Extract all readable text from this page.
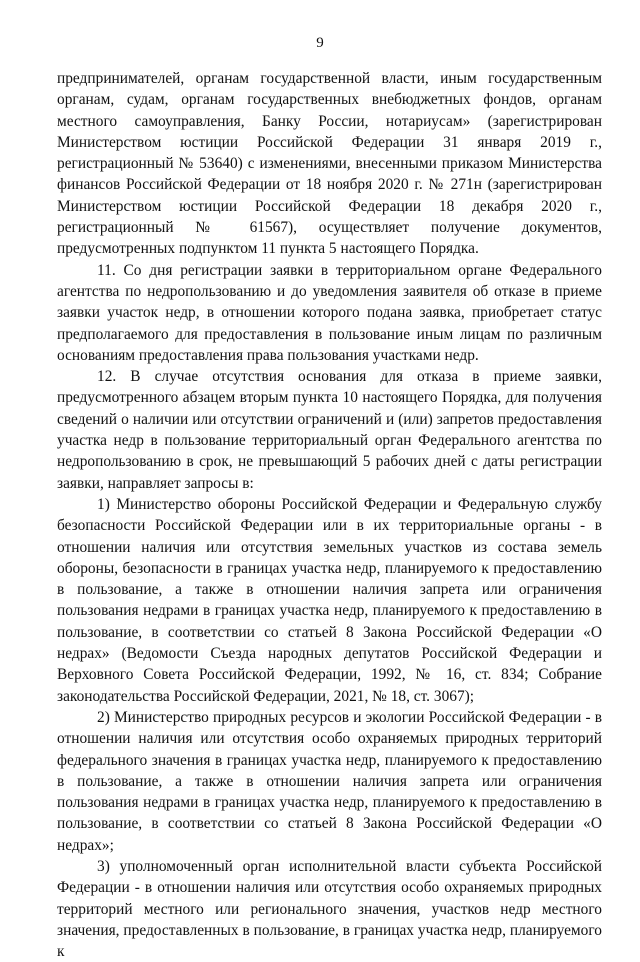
9

предпринимателей, органам государственной власти, иным государственным органам, судам, органам государственных внебюджетных фондов, органам местного самоуправления, Банку России, нотариусам» (зарегистрирован Министерством юстиции Российской Федерации 31 января 2019 г., регистрационный № 53640) с изменениями, внесенными приказом Министерства финансов Российской Федерации от 18 ноября 2020 г. № 271н (зарегистрирован Министерством юстиции Российской Федерации 18 декабря 2020 г., регистрационный № 61567), осуществляет получение документов, предусмотренных подпунктом 11 пункта 5 настоящего Порядка.

11. Со дня регистрации заявки в территориальном органе Федерального агентства по недропользованию и до уведомления заявителя об отказе в приеме заявки участок недр, в отношении которого подана заявка, приобретает статус предполагаемого для предоставления в пользование иным лицам по различным основаниям предоставления права пользования участками недр.

12. В случае отсутствия основания для отказа в приеме заявки, предусмотренного абзацем вторым пункта 10 настоящего Порядка, для получения сведений о наличии или отсутствии ограничений и (или) запретов предоставления участка недр в пользование территориальный орган Федерального агентства по недропользованию в срок, не превышающий 5 рабочих дней с даты регистрации заявки, направляет запросы в:

1) Министерство обороны Российской Федерации и Федеральную службу безопасности Российской Федерации или в их территориальные органы - в отношении наличия или отсутствия земельных участков из состава земель обороны, безопасности в границах участка недр, планируемого к предоставлению в пользование, а также в отношении наличия запрета или ограничения пользования недрами в границах участка недр, планируемого к предоставлению в пользование, в соответствии со статьей 8 Закона Российской Федерации «О недрах» (Ведомости Съезда народных депутатов Российской Федерации и Верховного Совета Российской Федерации, 1992, № 16, ст. 834; Собрание законодательства Российской Федерации, 2021, № 18, ст. 3067);

2) Министерство природных ресурсов и экологии Российской Федерации - в отношении наличия или отсутствия особо охраняемых природных территорий федерального значения в границах участка недр, планируемого к предоставлению в пользование, а также в отношении наличия запрета или ограничения пользования недрами в границах участка недр, планируемого к предоставлению в пользование, в соответствии со статьей 8 Закона Российской Федерации «О недрах»;

3) уполномоченный орган исполнительной власти субъекта Российской Федерации - в отношении наличия или отсутствия особо охраняемых природных территорий местного или регионального значения, участков недр местного значения, предоставленных в пользование, в границах участка недр, планируемого к
